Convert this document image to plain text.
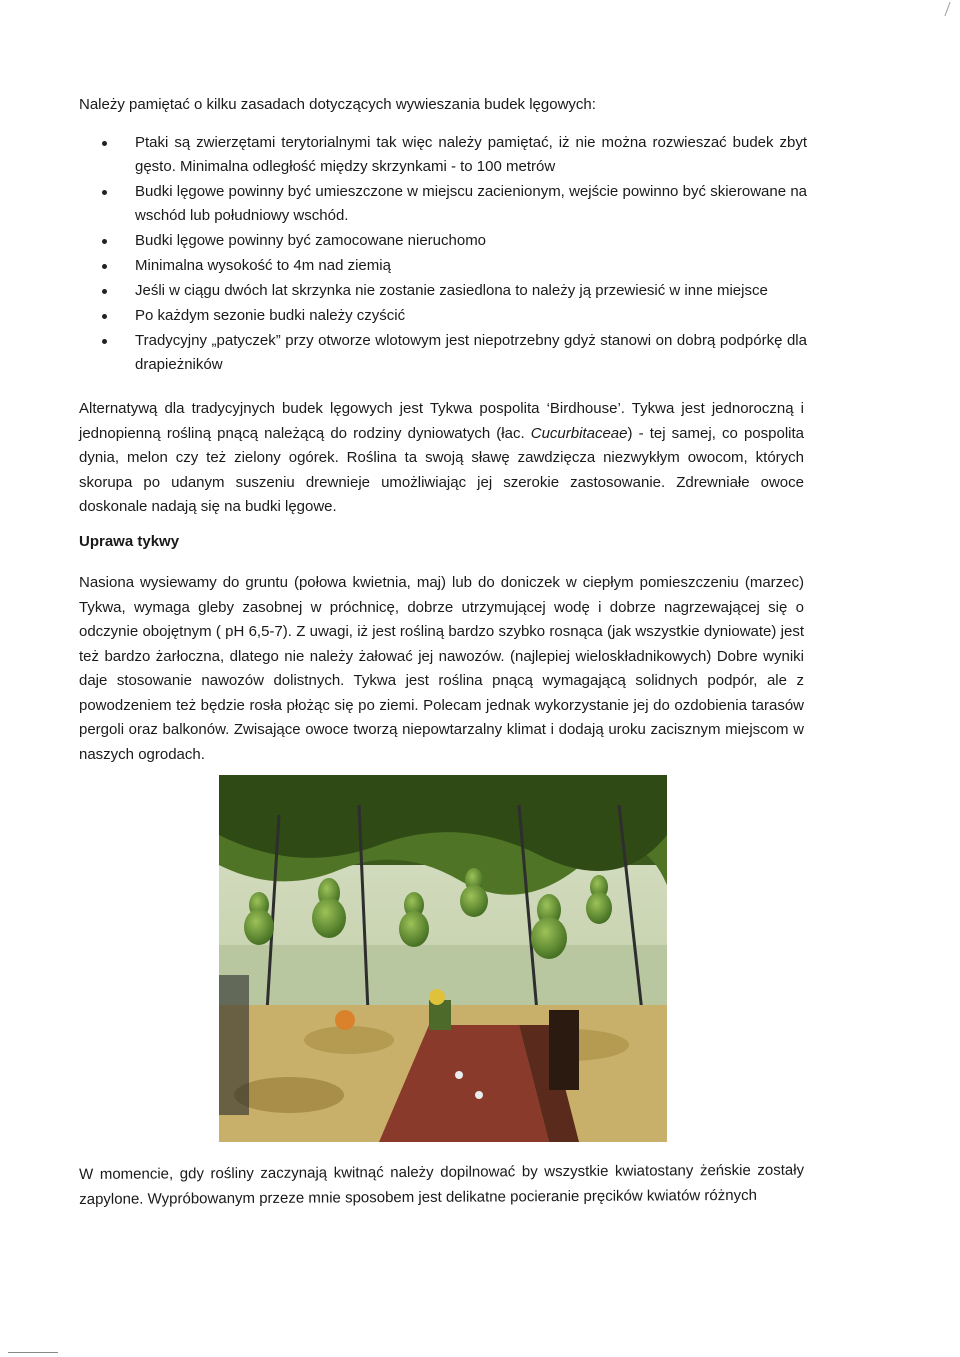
Należy pamiętać o kilku zasadach dotyczących wywieszania budek lęgowych:

Ptaki są zwierzętami terytorialnymi tak więc należy pamiętać, iż nie można rozwieszać budek zbyt gęsto. Minimalna odległość między skrzynkami - to 100 metrów
Budki lęgowe powinny być umieszczone w miejscu zacienionym, wejście powinno być skierowane na wschód lub południowy wschód.
Budki lęgowe powinny być zamocowane nieruchomo
Minimalna wysokość to 4m nad ziemią
Jeśli w ciągu dwóch lat skrzynka nie zostanie zasiedlona to należy ją przewiesić w inne miejsce
Po każdym sezonie budki należy czyścić
Tradycyjny „patyczek” przy otworze wlotowym jest niepotrzebny gdyż stanowi on dobrą podpórkę dla drapieżników

Alternatywą dla tradycyjnych budek lęgowych jest Tykwa pospolita ‘Birdhouse’. Tykwa jest jednoroczną i jednopienną rośliną pnącą należącą do rodziny dyniowatych (łac. Cucurbitaceae) - tej samej, co pospolita dynia, melon czy też zielony ogórek. Roślina ta swoją sławę zawdzięcza niezwykłym owocom, których skorupa po udanym suszeniu drewnieje umożliwiając jej szerokie zastosowanie. Zdrewniałe owoce doskonale nadają się na budki lęgowe.

Uprawa tykwy

Nasiona wysiewamy do gruntu (połowa kwietnia, maj) lub do doniczek w ciepłym pomieszczeniu (marzec) Tykwa, wymaga gleby zasobnej w próchnicę, dobrze utrzymującej wodę i dobrze nagrzewającej się o odczynie obojętnym ( pH 6,5-7). Z uwagi, iż jest rośliną bardzo szybko rosnąca (jak wszystkie dyniowate) jest też bardzo żarłoczna, dlatego nie należy żałować jej nawozów. (najlepiej wieloskładnikowych) Dobre wyniki daje stosowanie nawozów dolistnych. Tykwa jest roślina pnącą wymagającą solidnych podpór, ale z powodzeniem też będzie rosła płożąc się po ziemi. Polecam jednak wykorzystanie jej do ozdobienia tarasów pergoli oraz balkonów. Zwisające owoce tworzą niepowtarzalny klimat i dodają uroku zacisznym miejscom w naszych ogrodach.

W momencie, gdy rośliny zaczynają kwitnąć należy dopilnować by wszystkie kwiatostany żeńskie zostały zapylone. Wypróbowanym przeze mnie sposobem jest delikatne pocieranie pręcików kwiatów różnych
